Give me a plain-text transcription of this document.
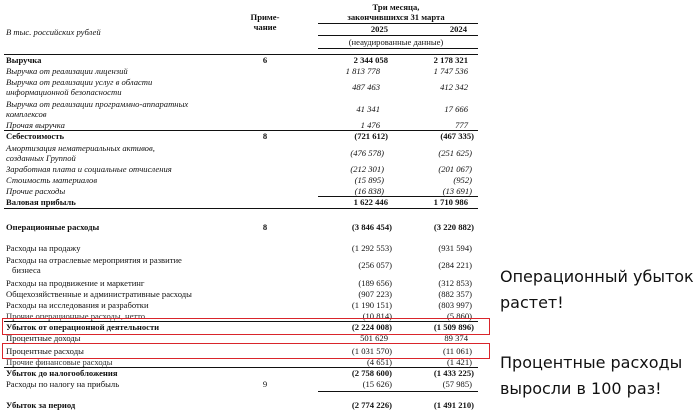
В тыс. российских рублей
Приме-
чание
Три месяца,
закончившихся 31 марта
2025	2024
(неаудированные данные)
Выручка	6	2 344 058	2 178 321
Выручка от реализации лицензий	1 813 778	1 747 536
Выручка от реализации услуг в области
информационной безопасности	487 463	412 342
Выручка от реализации программно-аппаратных
комплексов	41 341	17 666
Прочая выручка	1 476	777
Себестоимость	8	(721 612)	(467 335)
Амортизация нематериальных активов,
созданных Группой	(476 578)	(251 625)
Заработная плата и социальные отчисления	(212 301)	(201 067)
Стоимость материалов	(15 895)	(952)
Прочие расходы	(16 838)	(13 691)
Валовая прибыль	1 622 446	1 710 986
Операционные расходы	8	(3 846 454)	(3 220 882)
Расходы на продажу	(1 292 553)	(931 594)
Расходы на отраслевые мероприятия и развитие
бизнеса	(256 057)	(284 221)
Расходы на продвижение и маркетинг	(189 656)	(312 853)
Общехозяйственные и административные расходы	(907 223)	(882 357)
Расходы на исследования и разработки	(1 190 151)	(803 997)
Прочие операционные расходы, нетто	(10 814)	(5 860)
Убыток от операционной деятельности	(2 224 008)	(1 509 896)
Процентные доходы	501 629	89 374
Процентные расходы	(1 031 570)	(11 061)
Прочие финансовые расходы	(4 651)	(1 421)
Убыток до налогообложения	(2 758 600)	(1 433 225)
Расходы по налогу на прибыль	9	(15 626)	(57 985)
Убыток за период	(2 774 226)	(1 491 210)
Операционный убыток
растет!
Процентные расходы
выросли в 100 раз!
